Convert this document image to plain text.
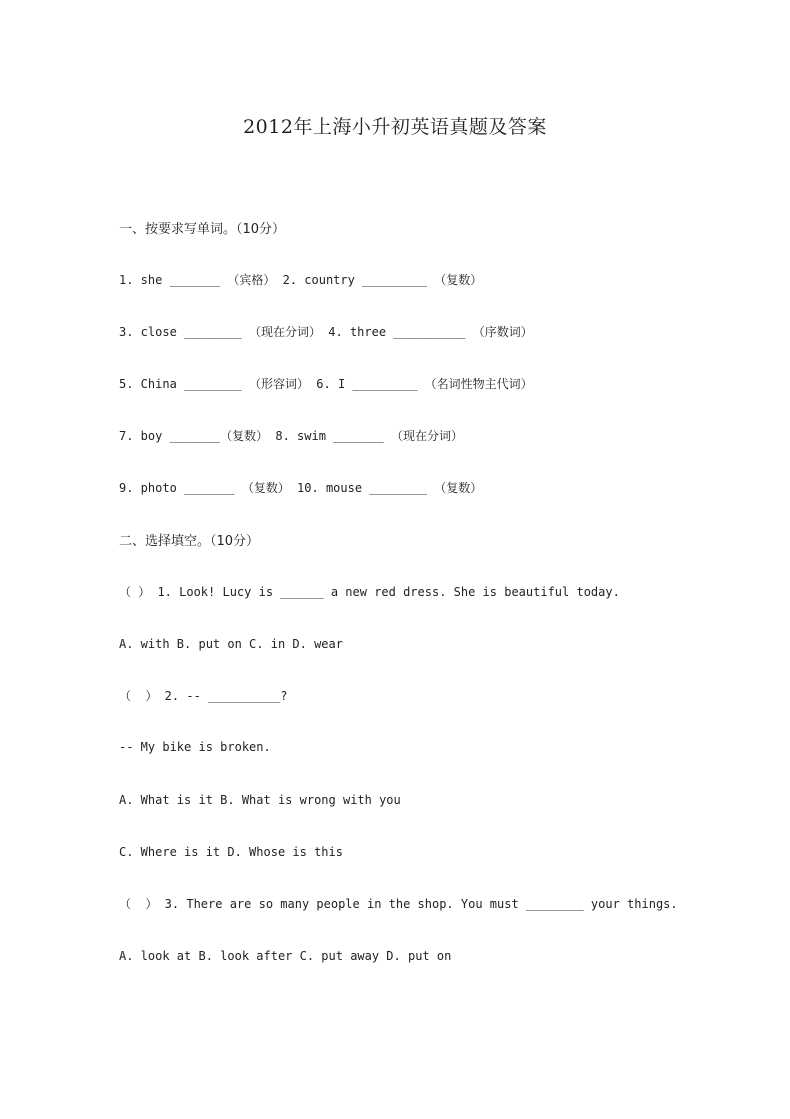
2012年上海小升初英语真题及答案
一、按要求写单词。（10分）
1. she _______ （宾格） 2. country _________ （复数）
3. close ________ （现在分词） 4. three __________ （序数词）
5. China ________ （形容词） 6. I _________ （名词性物主代词）
7. boy _______（复数） 8. swim _______ （现在分词）
9. photo _______ （复数） 10. mouse ________ （复数）
二、选择填空。（10分）
（ ） 1. Look! Lucy is ______ a new red dress. She is beautiful today.
A. with B. put on C. in D. wear
（  ） 2. -- __________?
-- My bike is broken.
A. What is it B. What is wrong with you
C. Where is it D. Whose is this
（  ） 3. There are so many people in the shop. You must ________ your things.
A. look at B. look after C. put away D. put on
